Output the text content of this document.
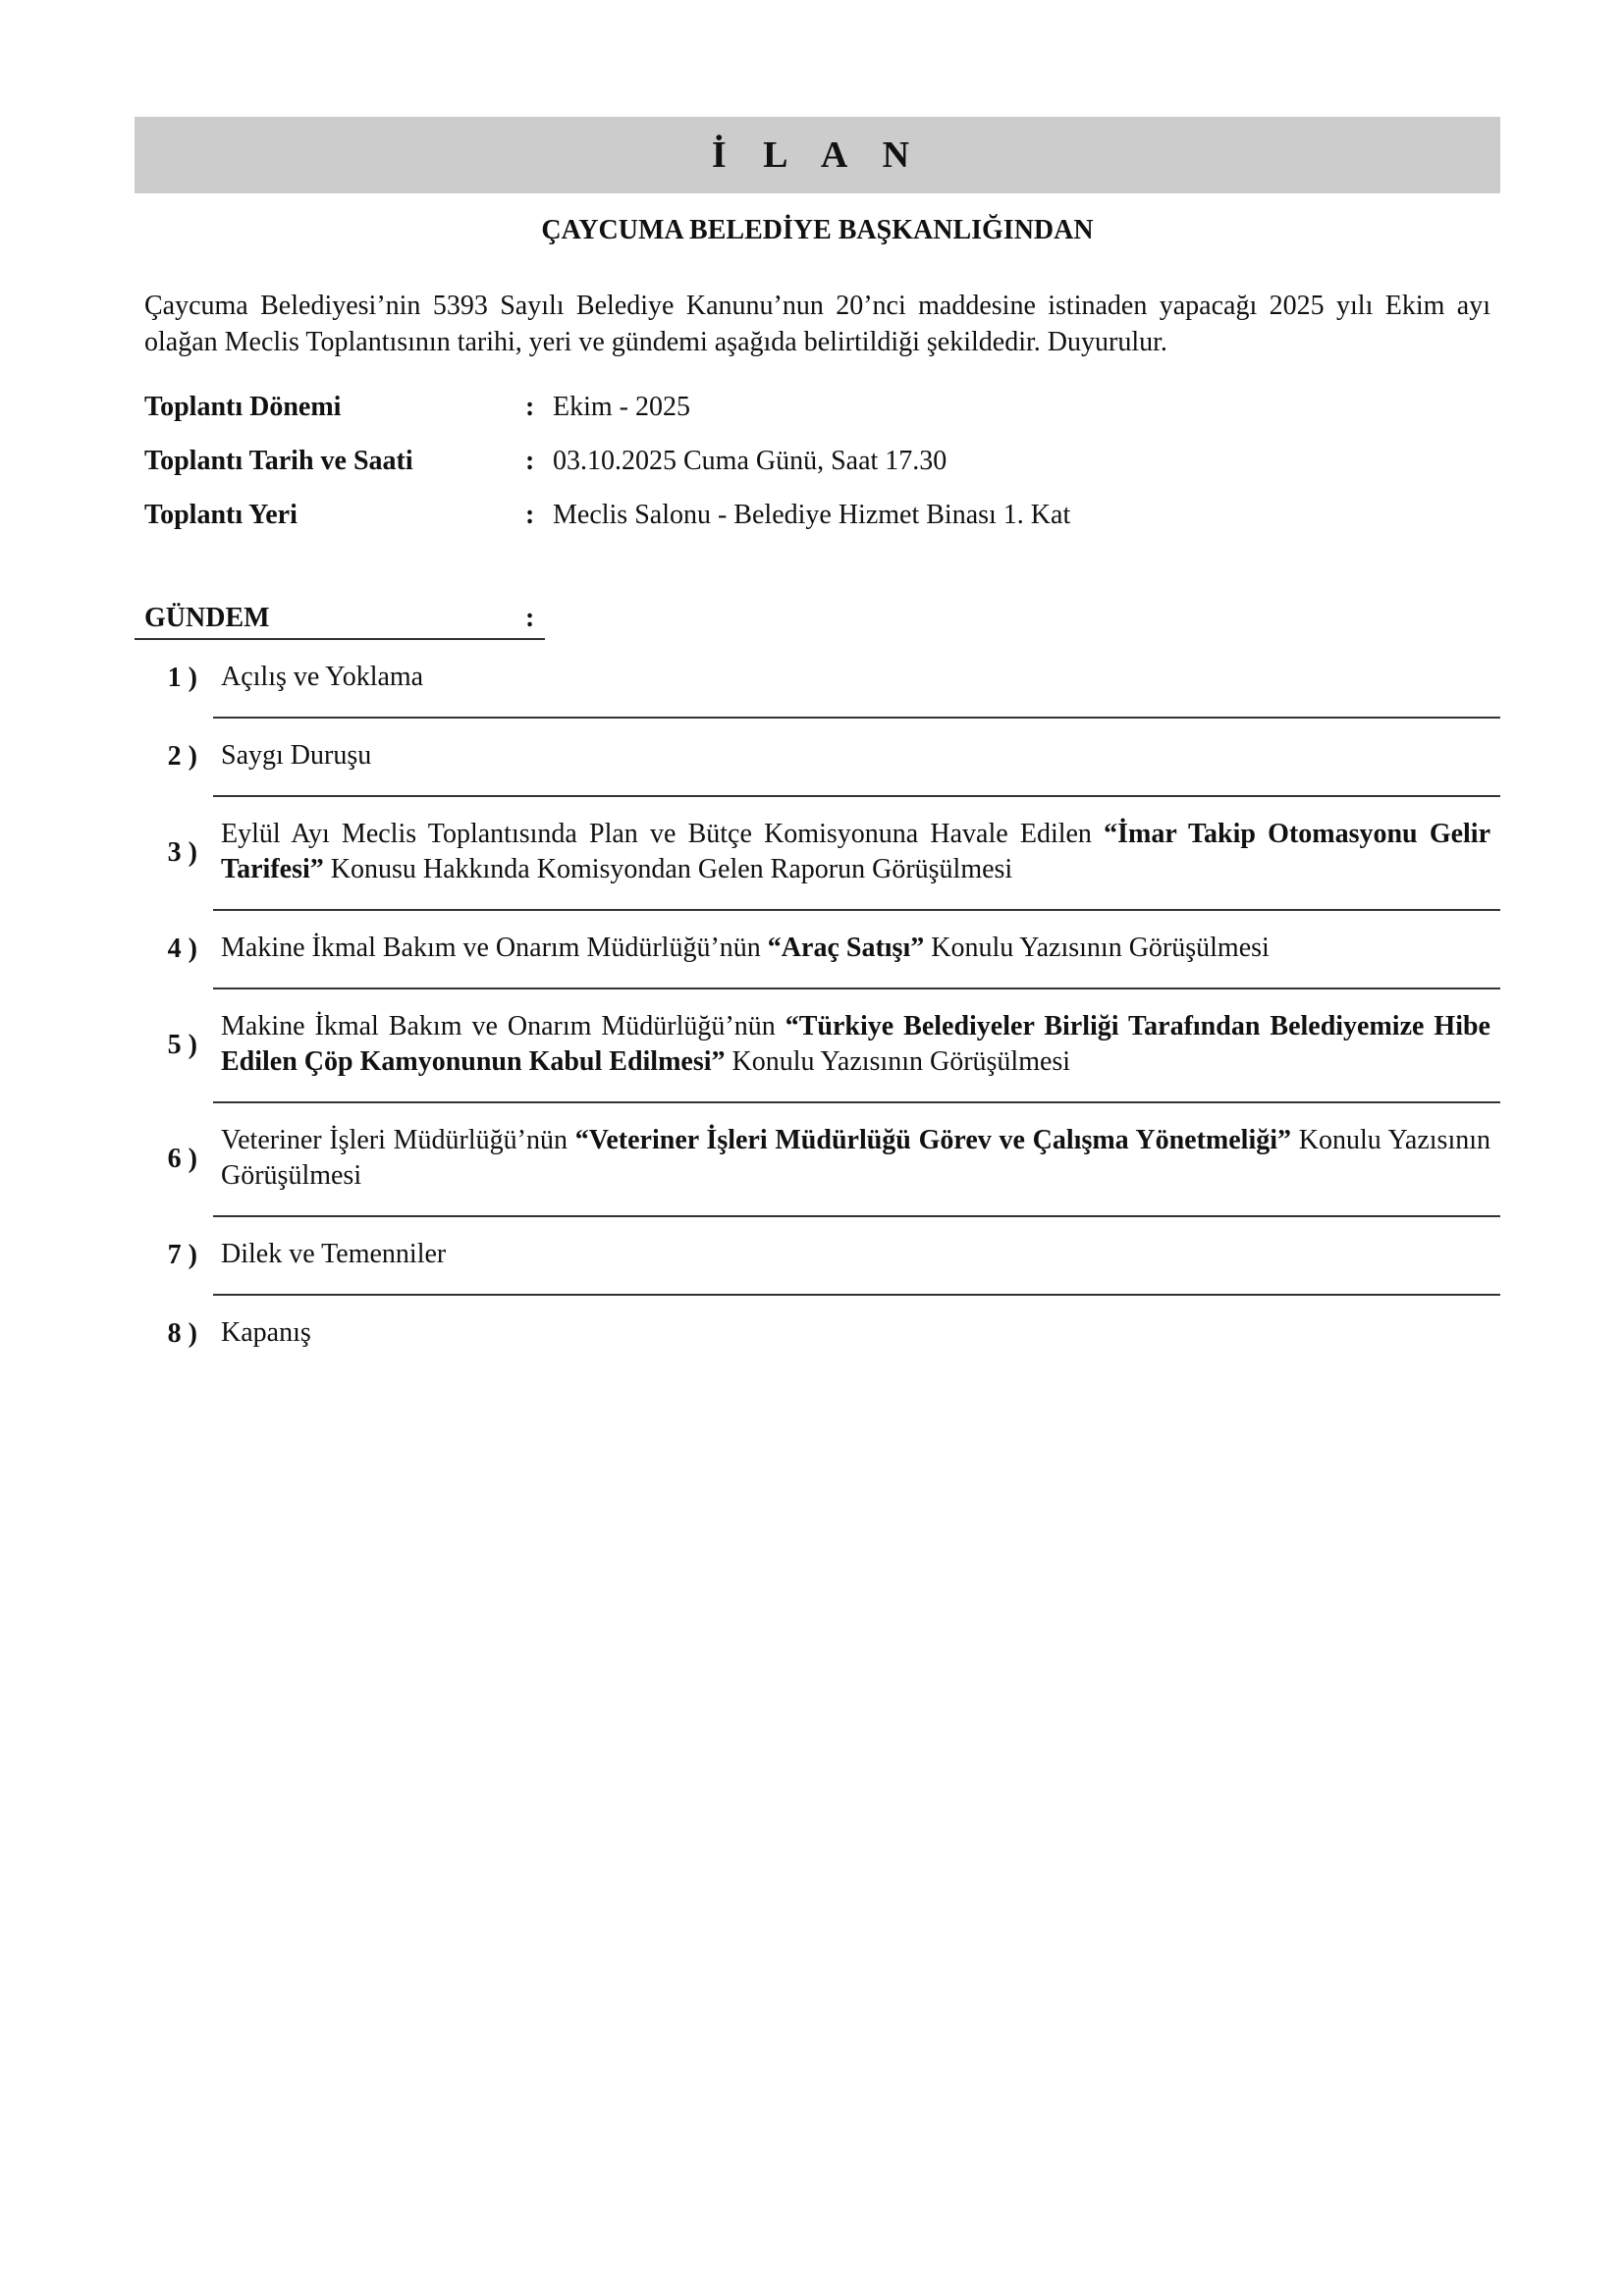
İ L A N
ÇAYCUMA BELEDİYE BAŞKANLIĞINDAN
Çaycuma Belediyesi’nin 5393 Sayılı Belediye Kanunu’nun 20’nci maddesine istinaden yapacağı 2025 yılı Ekim ayı olağan Meclis Toplantısının tarihi, yeri ve gündemi aşağıda belirtildiği şekildedir. Duyurulur.
Toplantı Dönemi	: Ekim - 2025
Toplantı Tarih ve Saati	: 03.10.2025 Cuma Günü, Saat 17.30
Toplantı Yeri	: Meclis Salonu - Belediye Hizmet Binası 1. Kat
GÜNDEM	:
1 ) Açılış ve Yoklama
2 ) Saygı Duruşu
3 )
Eylül Ayı Meclis Toplantısında Plan ve Bütçe Komisyonuna Havale Edilen “İmar Takip Otomasyonu Gelir Tarifesi” Konusu Hakkında Komisyondan Gelen Raporun Görüşülmesi
4 ) Makine İkmal Bakım ve Onarım Müdürlüğü’nün “Araç Satışı” Konulu Yazısının Görüşülmesi
5 )
Makine İkmal Bakım ve Onarım Müdürlüğü’nün “Türkiye Belediyeler Birliği Tarafından Belediyemize Hibe Edilen Çöp Kamyonunun Kabul Edilmesi” Konulu Yazısının Görüşülmesi
6 )
Veteriner İşleri Müdürlüğü’nün “Veteriner İşleri Müdürlüğü Görev ve Çalışma Yönetmeliği” Konulu Yazısının Görüşülmesi
7 ) Dilek ve Temenniler
8 ) Kapanış
